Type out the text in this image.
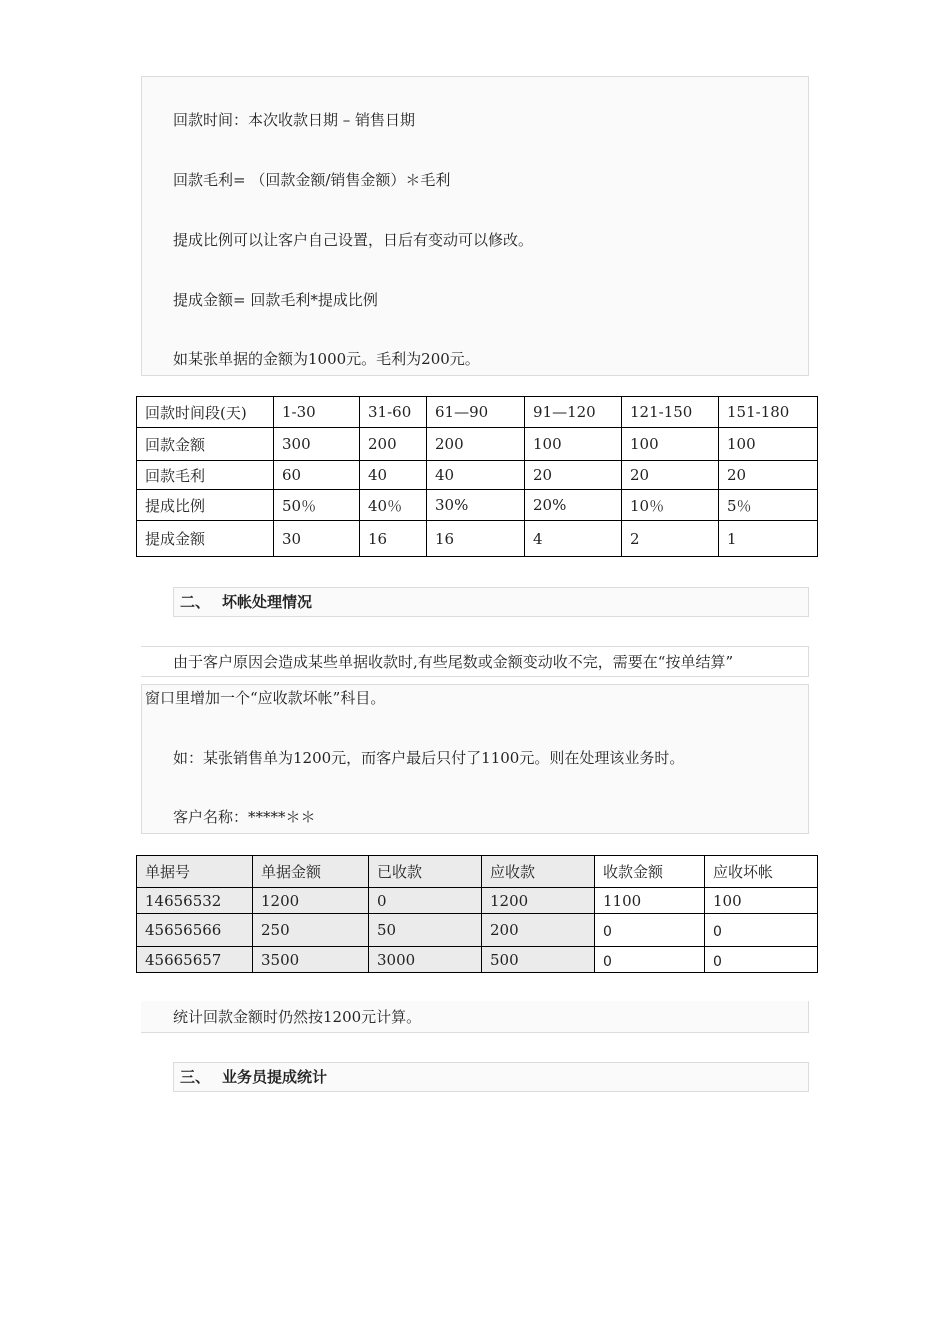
回款时间：本次收款日期 – 销售日期
回款毛利= （回款金额/销售金额）＊毛利
提成比例可以让客户自己设置，日后有变动可以修改。
提成金额= 回款毛利*提成比例
如某张单据的金额为1000元。毛利为200元。
回款时间段(天)	1-30	31-60	61—90	91—120	121-150	151-180
回款金额	300	200	200	100	100	100
回款毛利	60	40	40	20	20	20
提成比例	50％	40％	30%	20%	10％	5％
提成金额	30	16	16	4	2	1
二、 坏帐处理情况
由于客户原因会造成某些单据收款时,有些尾数或金额变动收不完，需要在“按单结算”
窗口里增加一个“应收款坏帐”科目。
如：某张销售单为1200元，而客户最后只付了1100元。则在处理该业务时。
客户名称：*****＊＊
单据号	单据金额	已收款	应收款	收款金额	应收坏帐
14656532	1200	0	1200	1100	100
45656566	250	50	200	0	0
45665657	3500	3000	500	0	0
统计回款金额时仍然按1200元计算。
三、 业务员提成统计
